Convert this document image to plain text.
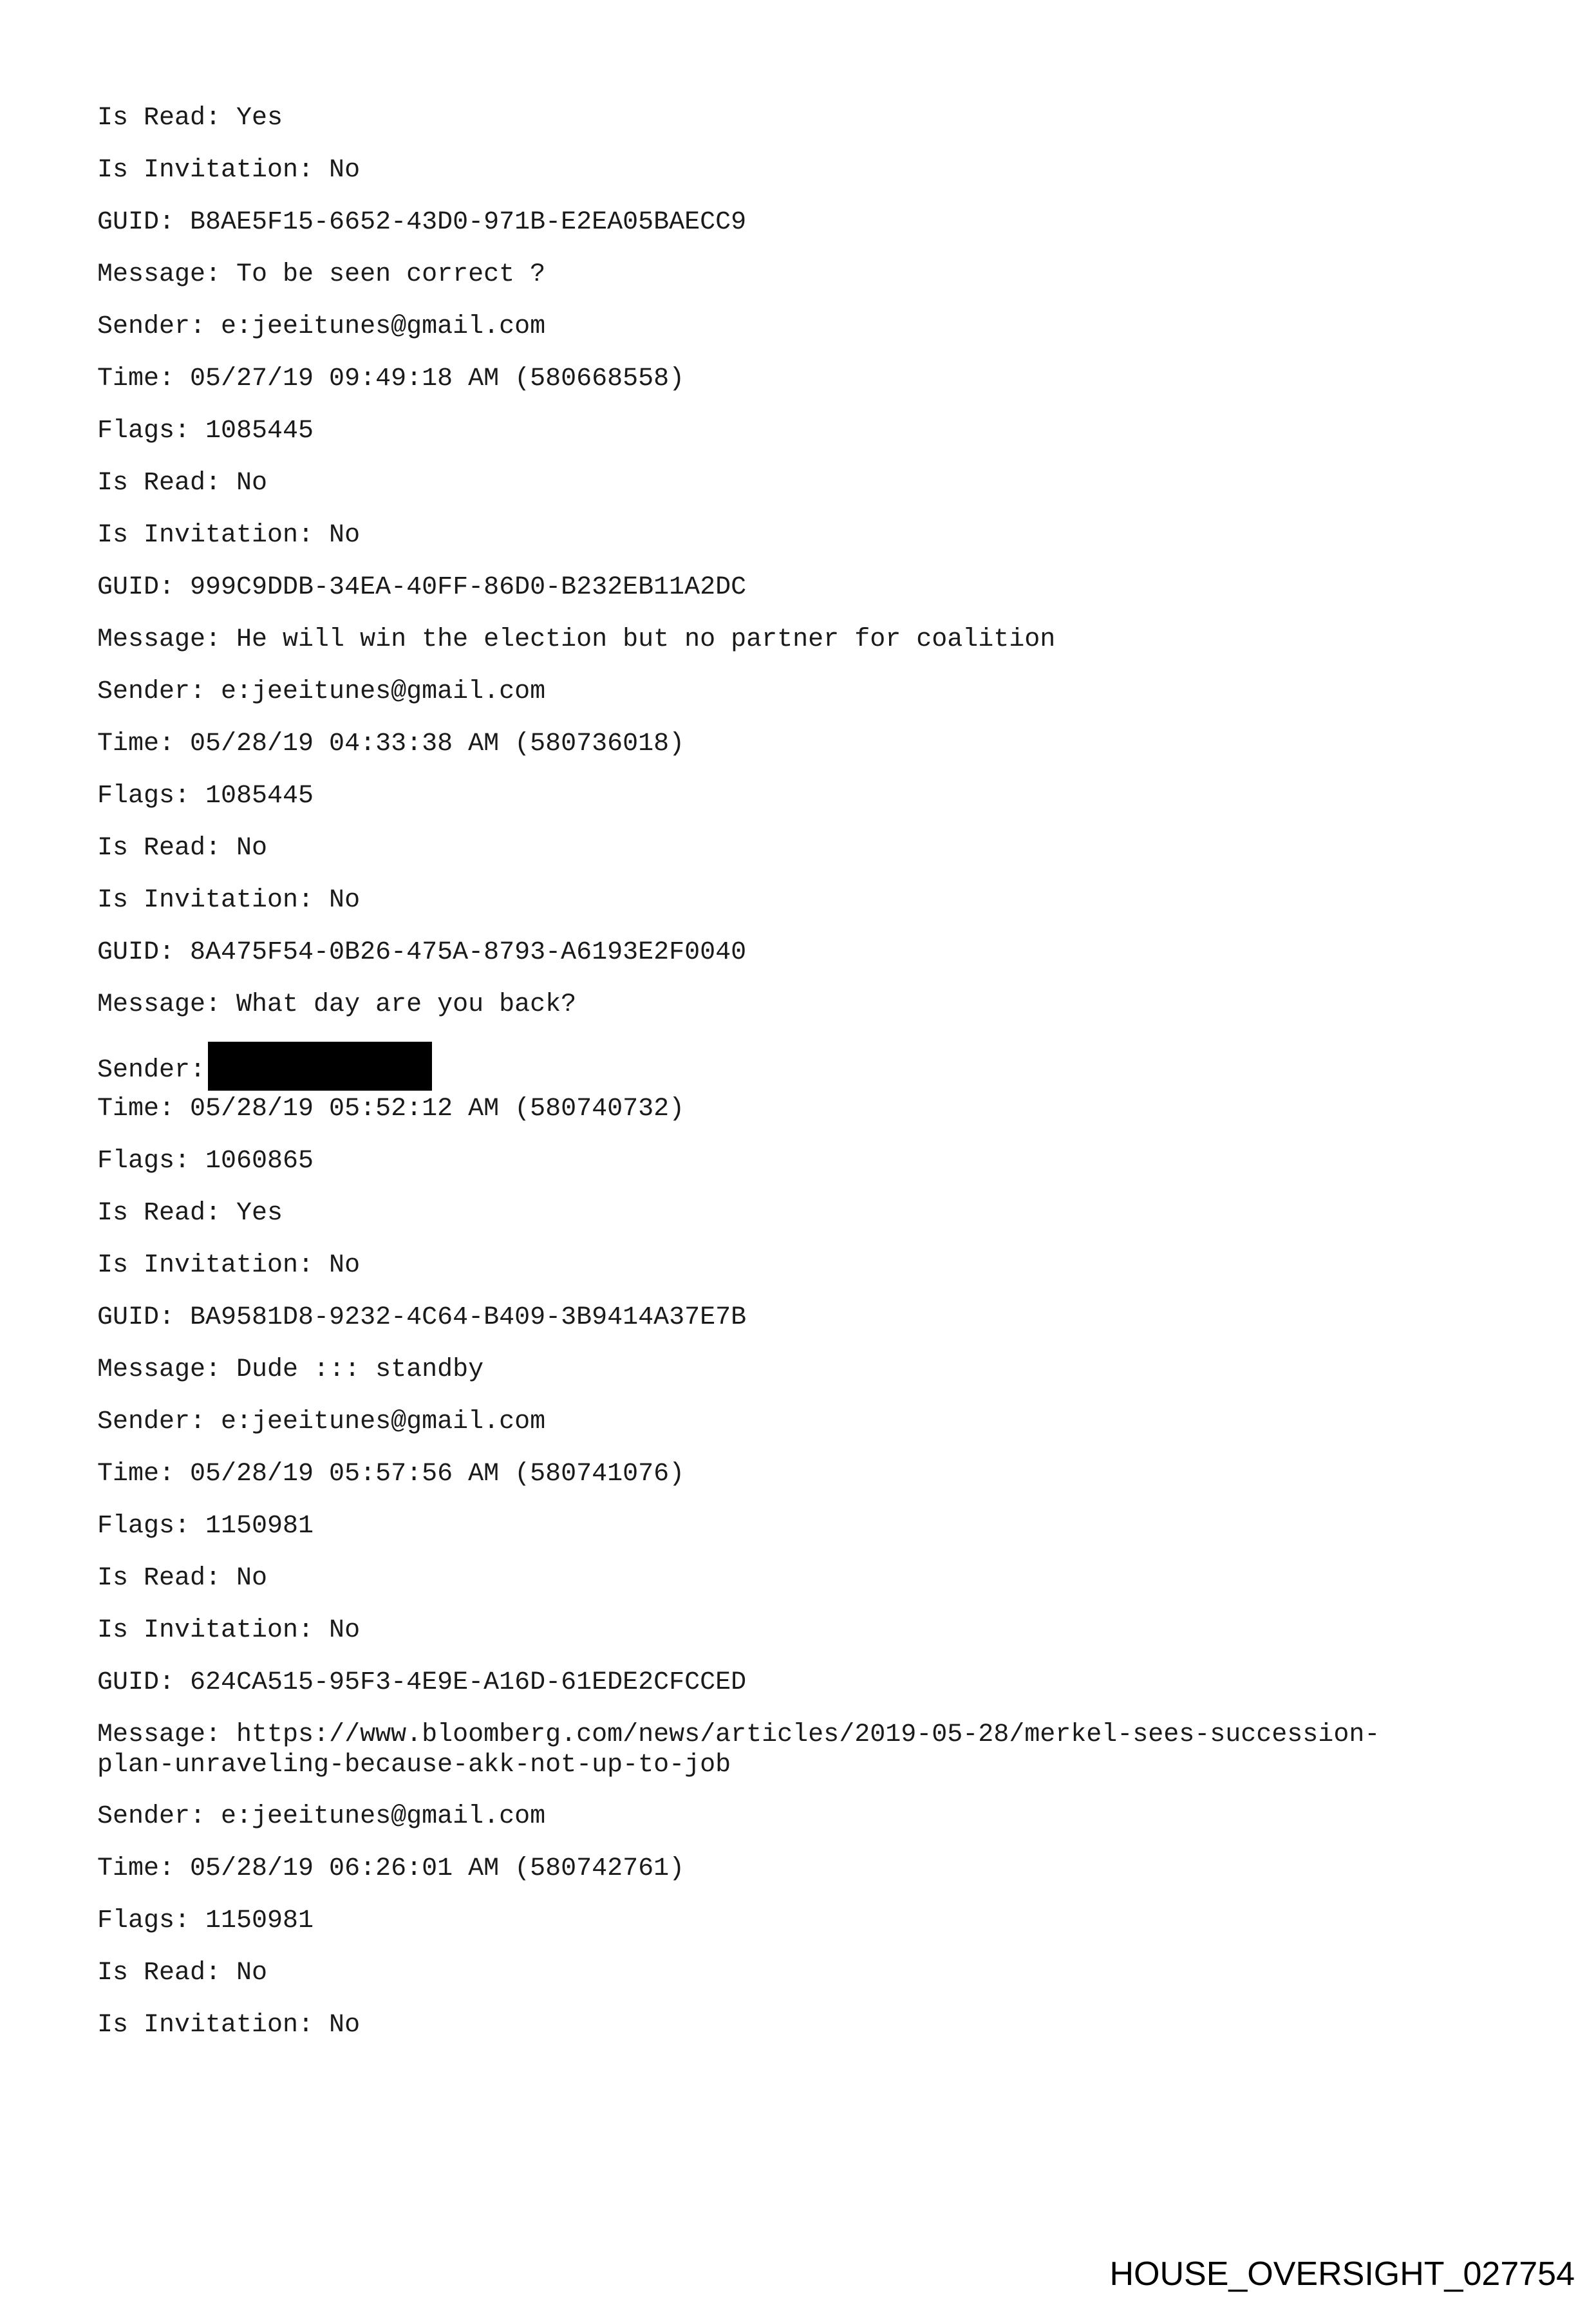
Is Read: Yes
Is Invitation: No
GUID: B8AE5F15-6652-43D0-971B-E2EA05BAECC9
Message: To be seen correct ?
Sender: e:jeeitunes@gmail.com
Time: 05/27/19 09:49:18 AM (580668558)
Flags: 1085445
Is Read: No
Is Invitation: No
GUID: 999C9DDB-34EA-40FF-86D0-B232EB11A2DC
Message: He will win the election but no partner for coalition
Sender: e:jeeitunes@gmail.com
Time: 05/28/19 04:33:38 AM (580736018)
Flags: 1085445
Is Read: No
Is Invitation: No
GUID: 8A475F54-0B26-475A-8793-A6193E2F0040
Message: What day are you back?
Sender:
Time: 05/28/19 05:52:12 AM (580740732)
Flags: 1060865
Is Read: Yes
Is Invitation: No
GUID: BA9581D8-9232-4C64-B409-3B9414A37E7B
Message: Dude ::: standby
Sender: e:jeeitunes@gmail.com
Time: 05/28/19 05:57:56 AM (580741076)
Flags: 1150981
Is Read: No
Is Invitation: No
GUID: 624CA515-95F3-4E9E-A16D-61EDE2CFCCED
Message: https://www.bloomberg.com/news/articles/2019-05-28/merkel-sees-succession-
plan-unraveling-because-akk-not-up-to-job
Sender: e:jeeitunes@gmail.com
Time: 05/28/19 06:26:01 AM (580742761)
Flags: 1150981
Is Read: No
Is Invitation: No
HOUSE_OVERSIGHT_027754
